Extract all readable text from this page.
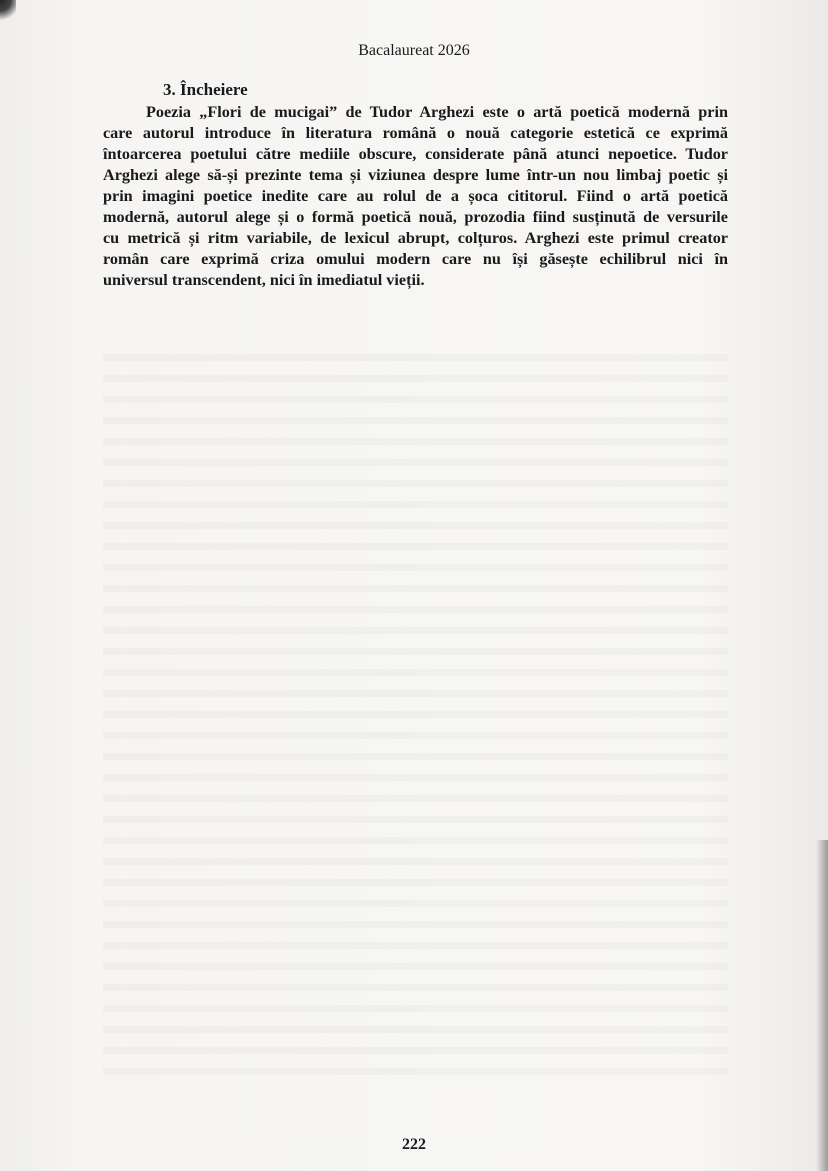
Bacalaureat 2026
3. Încheiere
Poezia „Flori de mucigai” de Tudor Arghezi este o artă poetică modernă prin
care autorul introduce în literatura română o nouă categorie estetică ce exprimă
întoarcerea poetului către mediile obscure, considerate până atunci nepoetice. Tudor
Arghezi alege să-și prezinte tema și viziunea despre lume într-un nou limbaj poetic și
prin imagini poetice inedite care au rolul de a șoca cititorul. Fiind o artă poetică
modernă, autorul alege și o formă poetică nouă, prozodia fiind susținută de versurile
cu metrică și ritm variabile, de lexicul abrupt, colțuros. Arghezi este primul creator
român care exprimă criza omului modern care nu își găsește echilibrul nici în
universul transcendent, nici în imediatul vieții.
222
